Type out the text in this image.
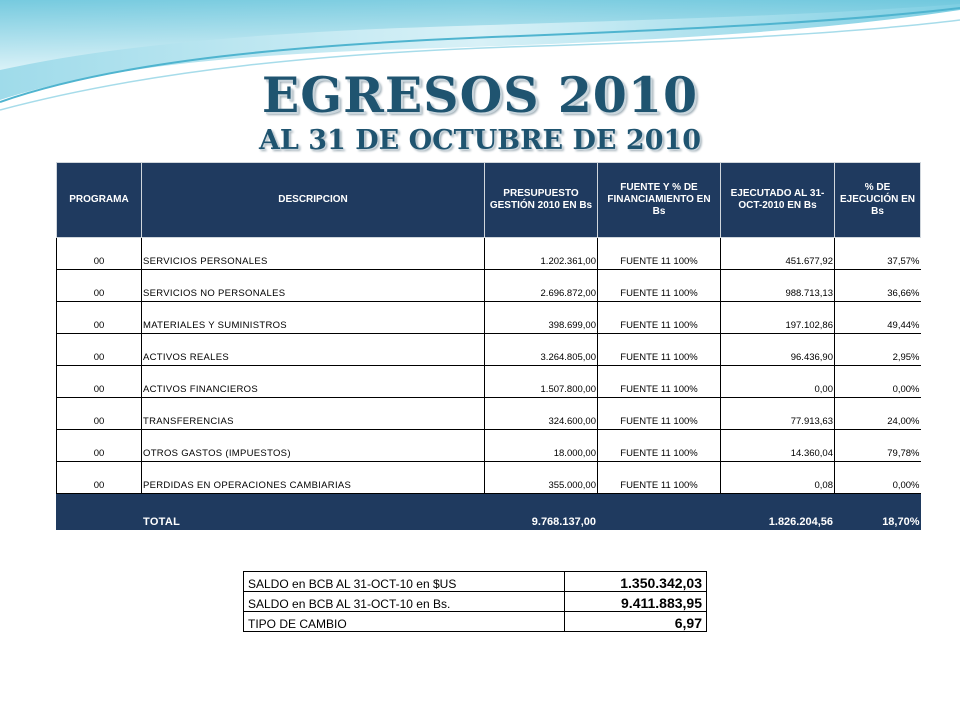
EGRESOS 2010
AL 31 DE OCTUBRE DE 2010
PROGRAMA	DESCRIPCION	PRESUPUESTO GESTIÓN 2010 EN Bs	FUENTE Y % DE FINANCIAMIENTO EN Bs	EJECUTADO AL 31-OCT-2010 EN Bs	% DE EJECUCIÓN EN Bs
00	SERVICIOS PERSONALES	1.202.361,00	FUENTE 11 100%	451.677,92	37,57%
00	SERVICIOS NO PERSONALES	2.696.872,00	FUENTE 11 100%	988.713,13	36,66%
00	MATERIALES Y SUMINISTROS	398.699,00	FUENTE 11 100%	197.102,86	49,44%
00	ACTIVOS REALES	3.264.805,00	FUENTE 11 100%	96.436,90	2,95%
00	ACTIVOS FINANCIEROS	1.507.800,00	FUENTE 11 100%	0,00	0,00%
00	TRANSFERENCIAS	324.600,00	FUENTE 11 100%	77.913,63	24,00%
00	OTROS GASTOS (IMPUESTOS)	18.000,00	FUENTE 11 100%	14.360,04	79,78%
00	PERDIDAS EN OPERACIONES CAMBIARIAS	355.000,00	FUENTE 11 100%	0,08	0,00%
	TOTAL	9.768.137,00		1.826.204,56	18,70%
SALDO en BCB AL 31-OCT-10 en $US	1.350.342,03
SALDO en BCB AL 31-OCT-10 en Bs.	9.411.883,95
TIPO DE CAMBIO	6,97
